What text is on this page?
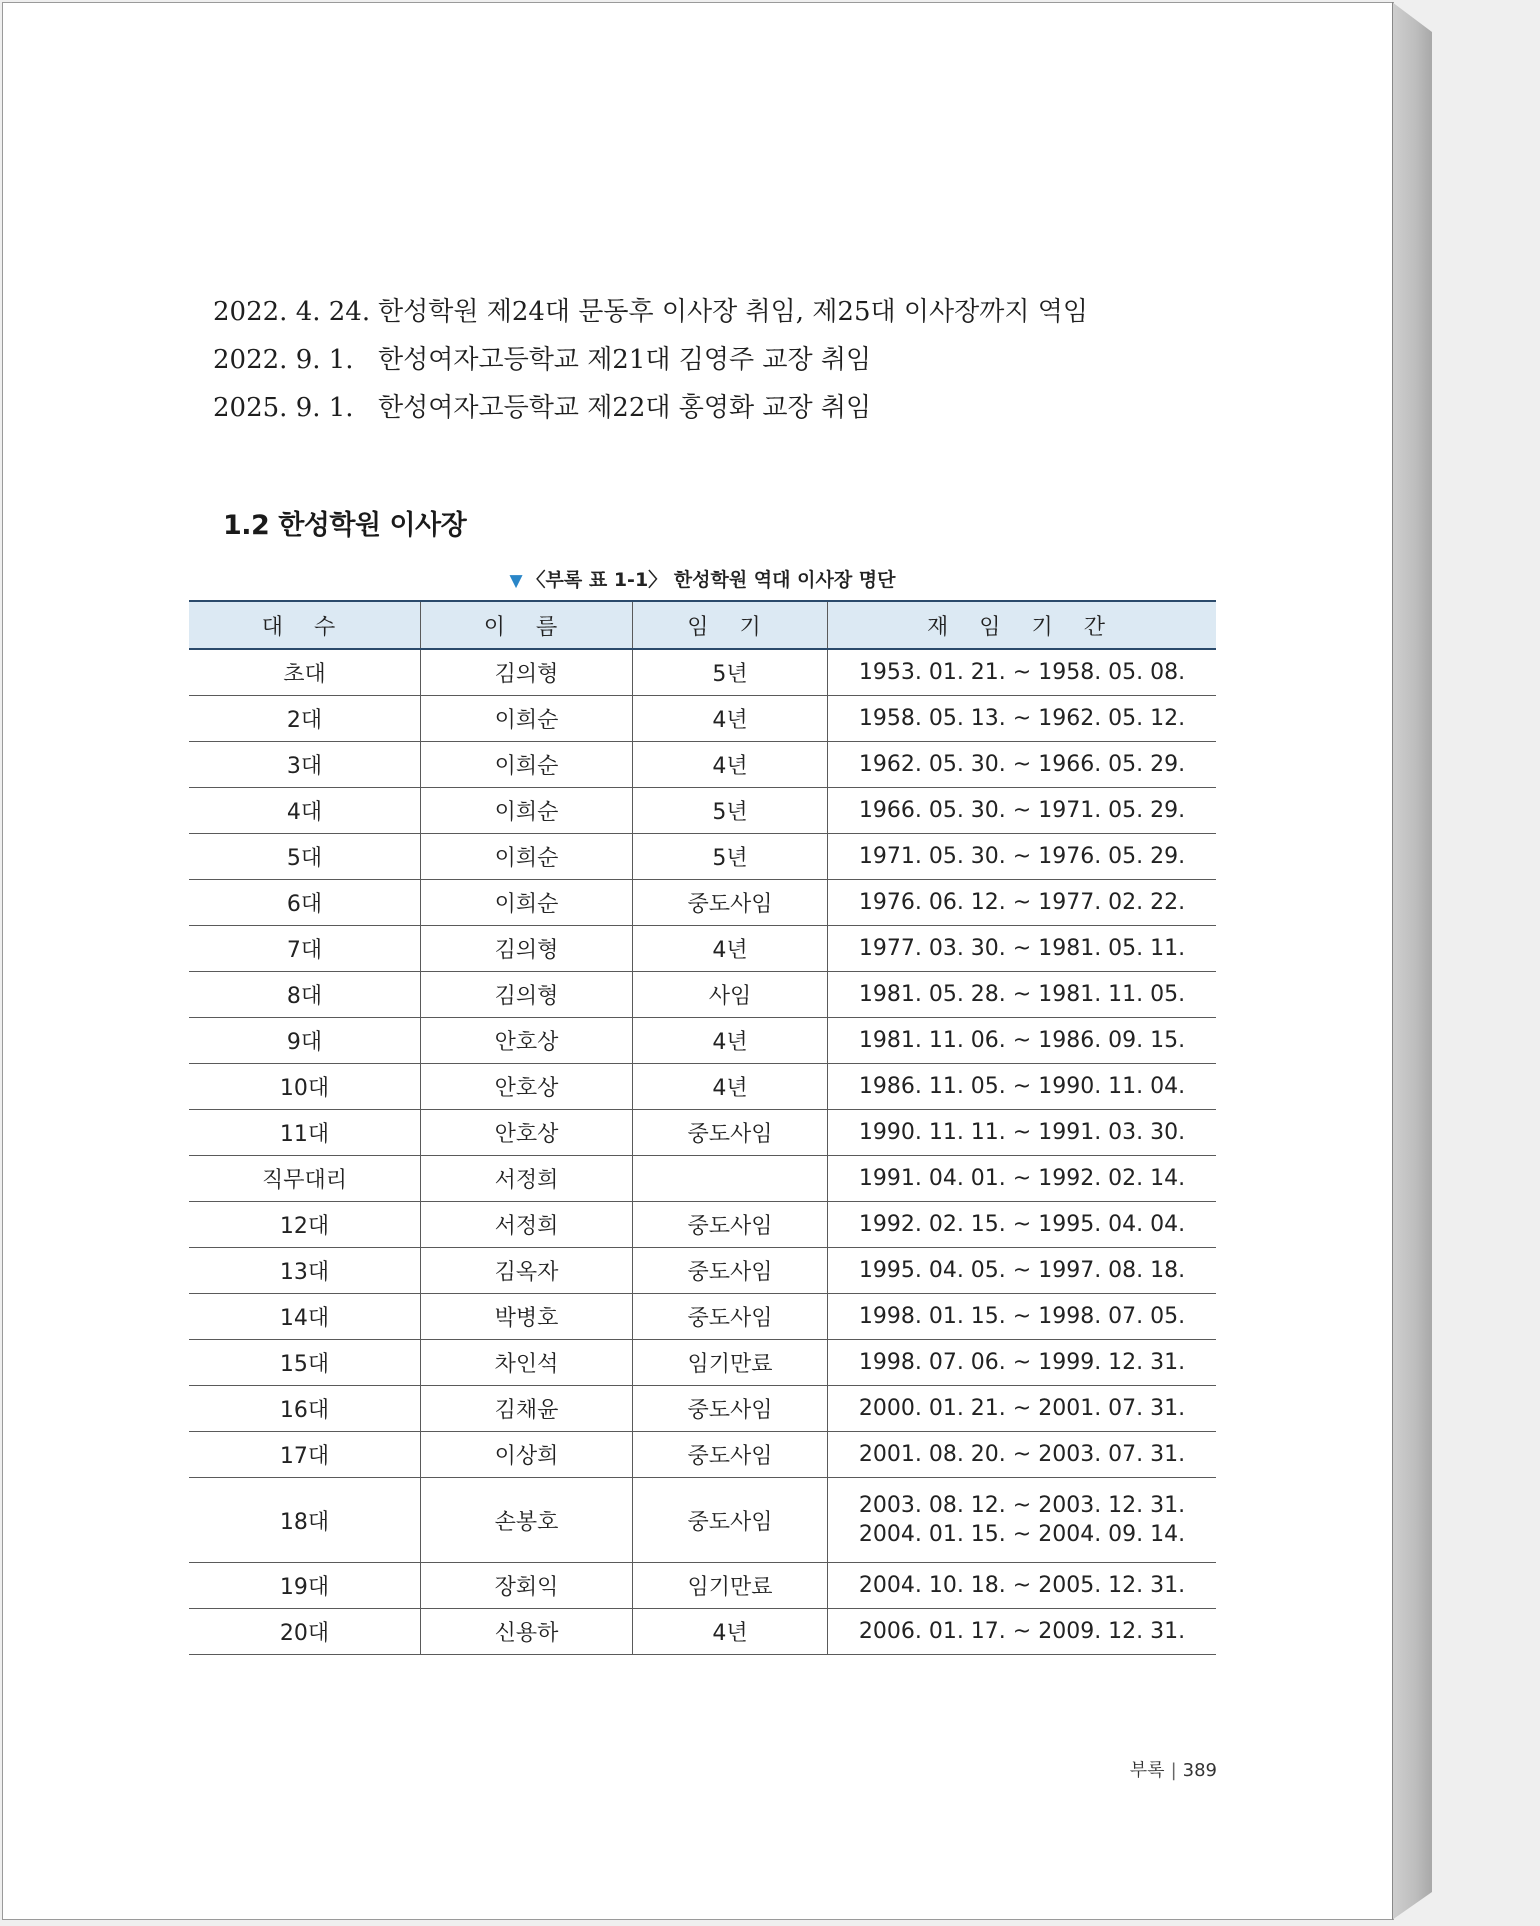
2022. 4. 24. 한성학원 제24대 문동후 이사장 취임, 제25대 이사장까지 역임
2022. 9. 1. 한성여자고등학교 제21대 김영주 교장 취임
2025. 9. 1. 한성여자고등학교 제22대 홍영화 교장 취임
1.2 한성학원 이사장
▼ 〈부록 표 1-1〉 한성학원 역대 이사장 명단
대 수	이 름	임 기	재 임 기 간
초대	김의형	5년	1953. 01. 21. ~ 1958. 05. 08.

2대	이희순	4년	1958. 05. 13. ~ 1962. 05. 12.

3대	이희순	4년	1962. 05. 30. ~ 1966. 05. 29.

4대	이희순	5년	1966. 05. 30. ~ 1971. 05. 29.

5대	이희순	5년	1971. 05. 30. ~ 1976. 05. 29.

6대	이희순	중도사임	1976. 06. 12. ~ 1977. 02. 22.

7대	김의형	4년	1977. 03. 30. ~ 1981. 05. 11.

8대	김의형	사임	1981. 05. 28. ~ 1981. 11. 05.

9대	안호상	4년	1981. 11. 06. ~ 1986. 09. 15.

10대	안호상	4년	1986. 11. 05. ~ 1990. 11. 04.

11대	안호상	중도사임	1990. 11. 11. ~ 1991. 03. 30.

직무대리	서정희		1991. 04. 01. ~ 1992. 02. 14.

12대	서정희	중도사임	1992. 02. 15. ~ 1995. 04. 04.

13대	김옥자	중도사임	1995. 04. 05. ~ 1997. 08. 18.

14대	박병호	중도사임	1998. 01. 15. ~ 1998. 07. 05.

15대	차인석	임기만료	1998. 07. 06. ~ 1999. 12. 31.

16대	김채윤	중도사임	2000. 01. 21. ~ 2001. 07. 31.

17대	이상희	중도사임	2001. 08. 20. ~ 2003. 07. 31.

18대	손봉호	중도사임	2003. 08. 12. ~ 2003. 12. 31.
2004. 01. 15. ~ 2004. 09. 14.

19대	장회익	임기만료	2004. 10. 18. ~ 2005. 12. 31.

20대	신용하	4년	2006. 01. 17. ~ 2009. 12. 31.
부록 | 389
